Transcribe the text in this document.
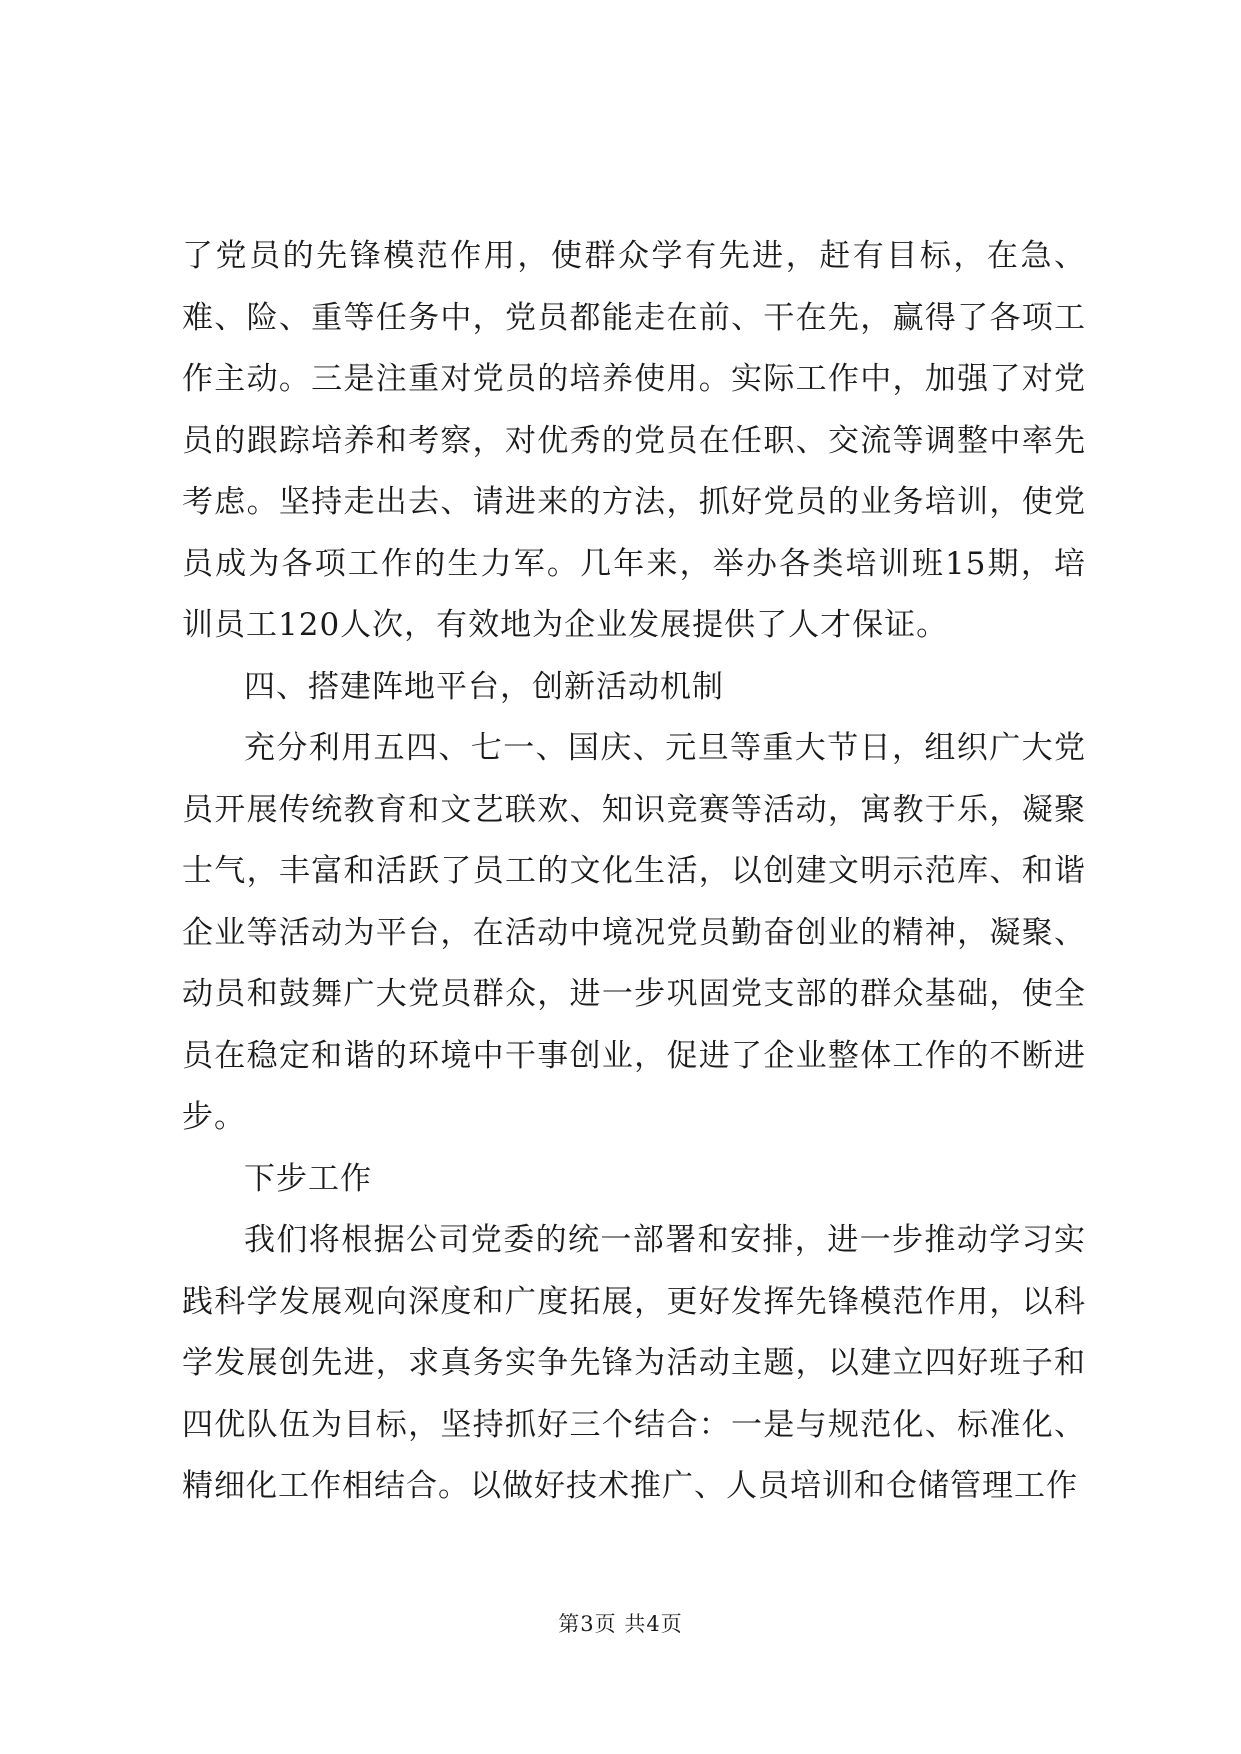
了党员的先锋模范作用，使群众学有先进，赶有目标，在急、难、险、重等任务中，党员都能走在前、干在先，赢得了各项工作主动。三是注重对党员的培养使用。实际工作中，加强了对党员的跟踪培养和考察，对优秀的党员在任职、交流等调整中率先考虑。坚持走出去、请进来的方法，抓好党员的业务培训，使党员成为各项工作的生力军。几年来，举办各类培训班15期，培训员工120人次，有效地为企业发展提供了人才保证。

四、搭建阵地平台，创新活动机制

充分利用五四、七一、国庆、元旦等重大节日，组织广大党员开展传统教育和文艺联欢、知识竞赛等活动，寓教于乐，凝聚士气，丰富和活跃了员工的文化生活，以创建文明示范库、和谐企业等活动为平台，在活动中境况党员勤奋创业的精神，凝聚、动员和鼓舞广大党员群众，进一步巩固党支部的群众基础，使全员在稳定和谐的环境中干事创业，促进了企业整体工作的不断进步。

下步工作

我们将根据公司党委的统一部署和安排，进一步推动学习实践科学发展观向深度和广度拓展，更好发挥先锋模范作用，以科学发展创先进，求真务实争先锋为活动主题，以建立四好班子和四优队伍为目标，坚持抓好三个结合：一是与规范化、标准化、精细化工作相结合。以做好技术推广、人员培训和仓储管理工作

第3页 共4页
